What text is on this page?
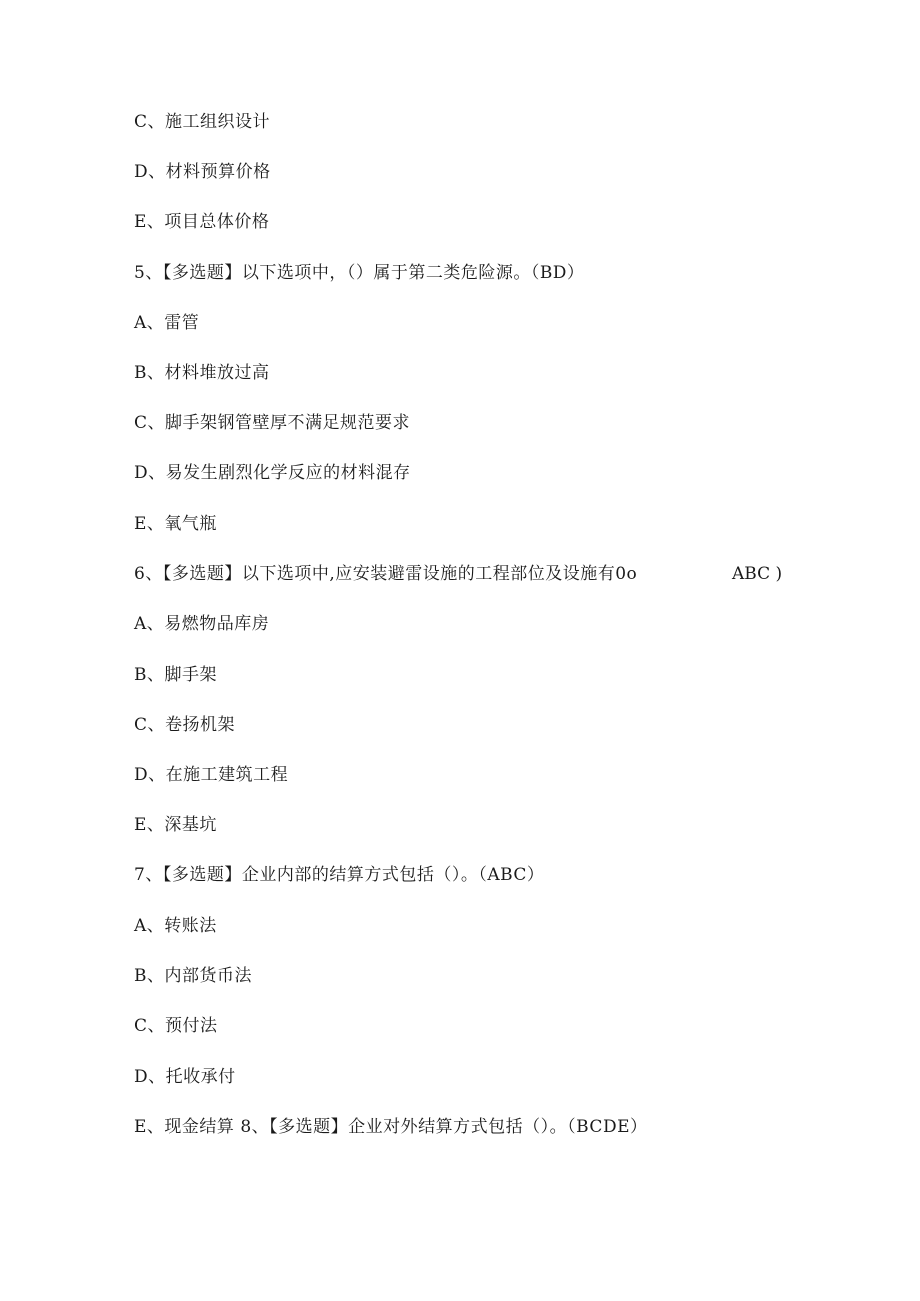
C、施工组织设计
D、材料预算价格
E、项目总体价格
5、【多选题】以下选项中，（）属于第二类危险源。（BD）
A、雷管
B、材料堆放过高
C、脚手架钢管壁厚不满足规范要求
D、易发生剧烈化学反应的材料混存
E、氧气瓶
6、【多选题】以下选项中,应安装避雷设施的工程部位及设施有0o	ABC )
A、易燃物品库房
B、脚手架
C、卷扬机架
D、在施工建筑工程
E、深基坑
7、【多选题】企业内部的结算方式包括（）。（ABC）
A、转账法
B、内部货币法
C、预付法
D、托收承付
E、现金结算 8、【多选题】企业对外结算方式包括（）。（BCDE）
